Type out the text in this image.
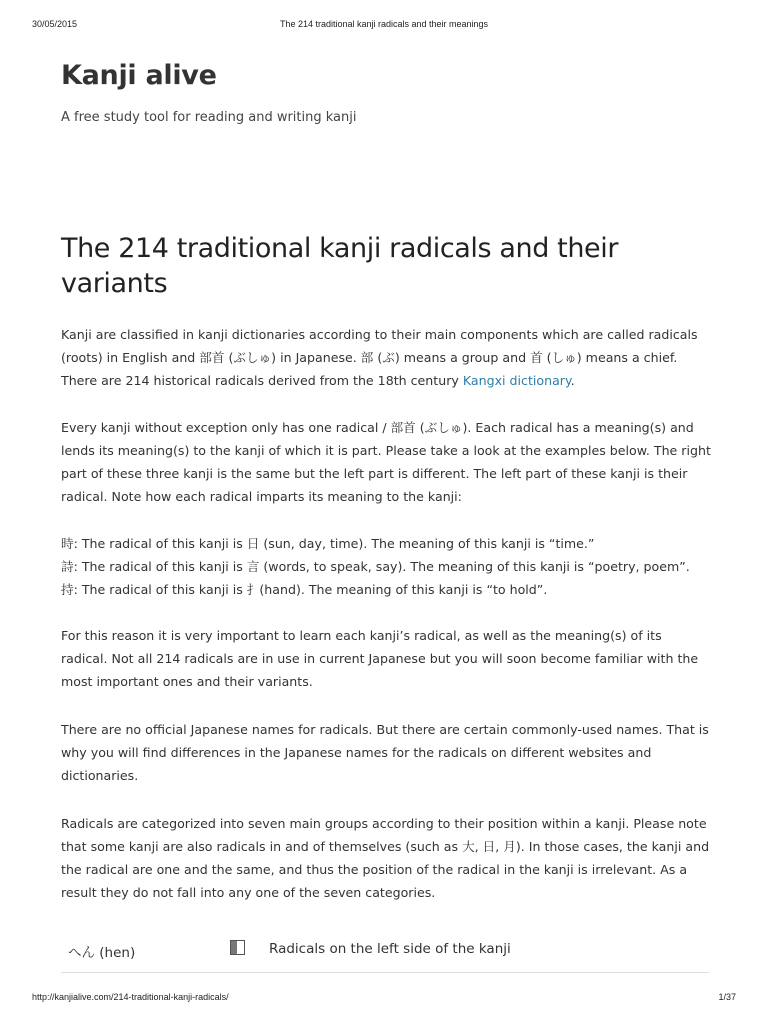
30/05/2015	The 214 traditional kanji radicals and their meanings
Kanji alive

A free study tool for reading and writing kanji

The 214 traditional kanji radicals and their variants

Kanji are classified in kanji dictionaries according to their main components which are called radicals (roots) in English and 部首 (ぶしゅ) in Japanese. 部 (ぶ) means a group and 首 (しゅ) means a chief. There are 214 historical radicals derived from the 18th century Kangxi dictionary.

Every kanji without exception only has one radical / 部首 (ぶしゅ). Each radical has a meaning(s) and lends its meaning(s) to the kanji of which it is part. Please take a look at the examples below. The right part of these three kanji is the same but the left part is different. The left part of these kanji is their radical. Note how each radical imparts its meaning to the kanji:

時: The radical of this kanji is 日 (sun, day, time). The meaning of this kanji is “time.”
詩: The radical of this kanji is 言 (words, to speak, say). The meaning of this kanji is “poetry, poem”.
持: The radical of this kanji is 扌(hand). The meaning of this kanji is “to hold”.

For this reason it is very important to learn each kanji’s radical, as well as the meaning(s) of its radical. Not all 214 radicals are in use in current Japanese but you will soon become familiar with the most important ones and their variants.

There are no official Japanese names for radicals. But there are certain commonly-used names. That is why you will find differences in the Japanese names for the radicals on different websites and dictionaries.

Radicals are categorized into seven main groups according to their position within a kanji. Please note that some kanji are also radicals in and of themselves (such as 大, 日, 月). In those cases, the kanji and the radical are one and the same, and thus the position of the radical in the kanji is irrelevant. As a result they do not fall into any one of the seven categories.

へん (hen)	Radicals on the left side of the kanji
http://kanjialive.com/214-traditional-kanji-radicals/	1/37
